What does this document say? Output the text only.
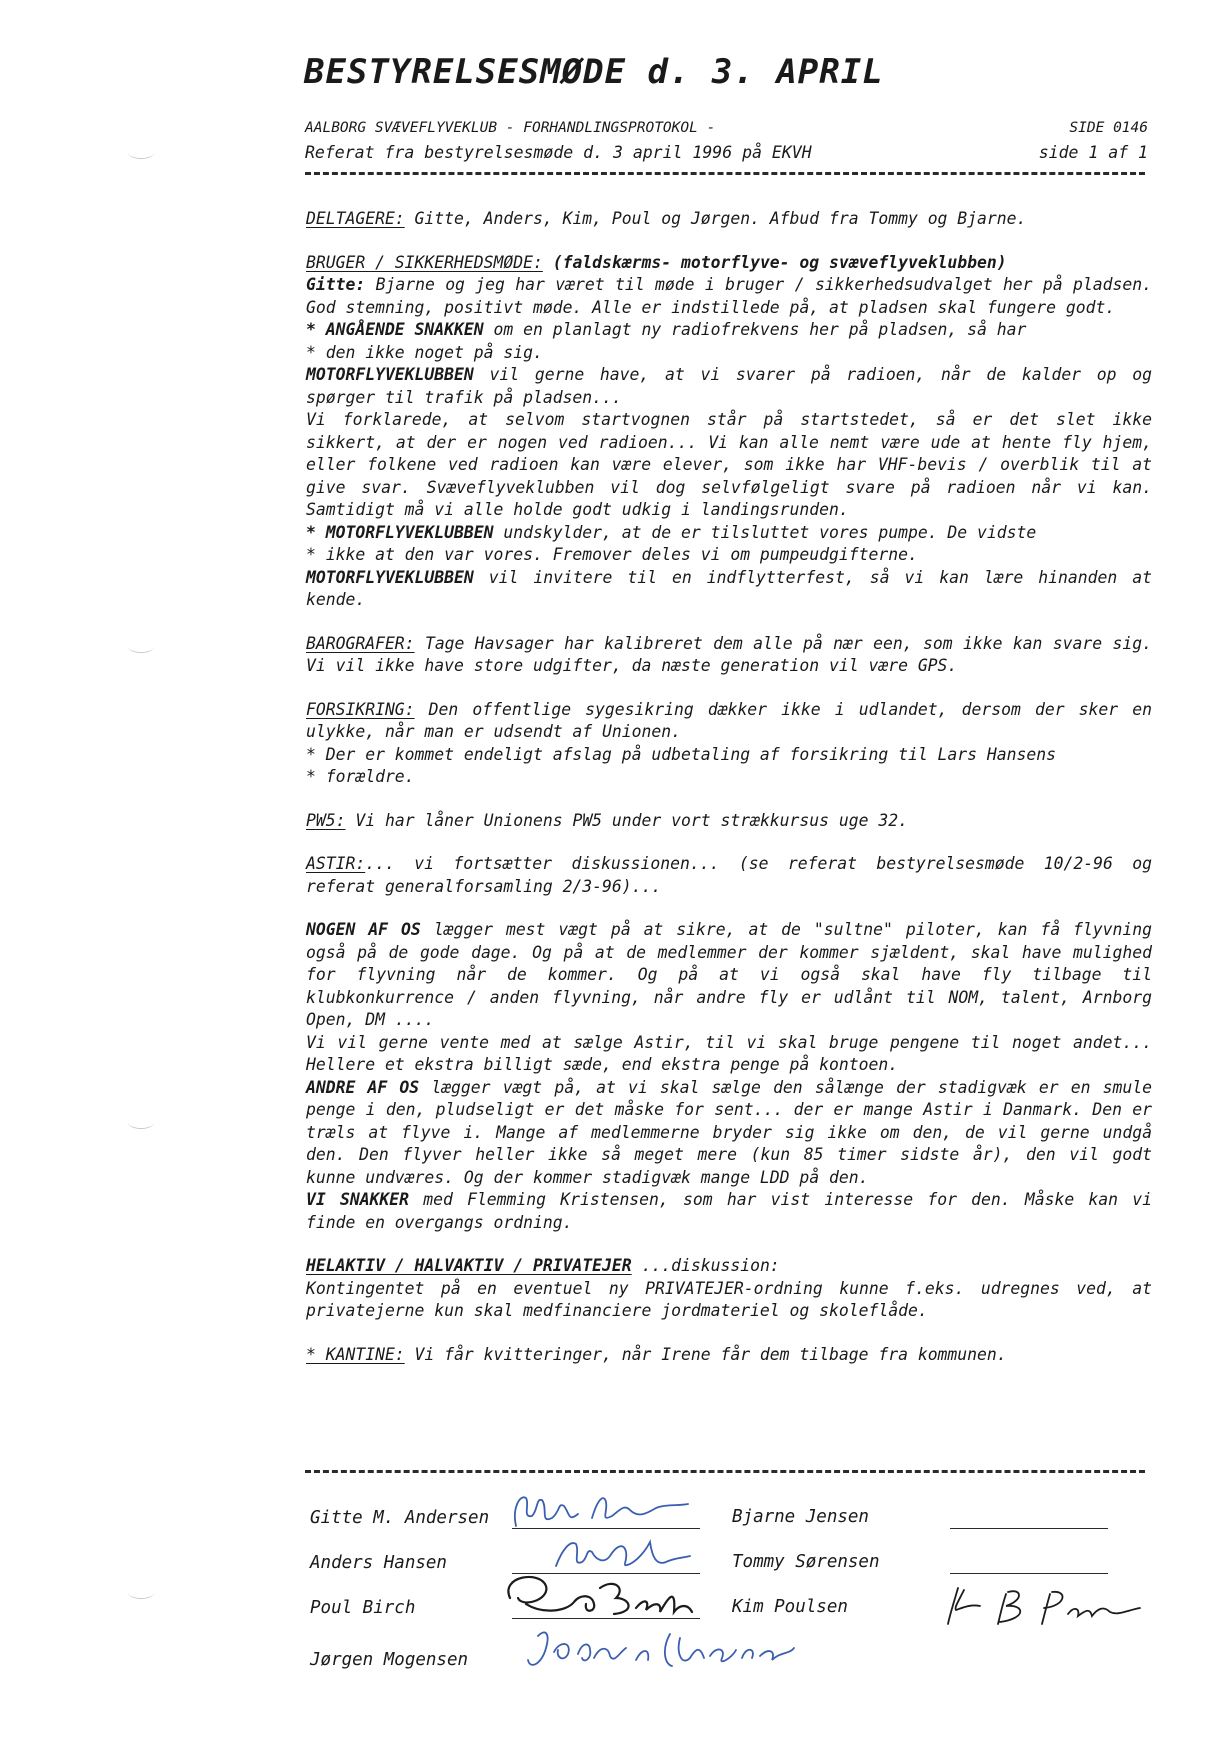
BESTYRELSESMØDE d. 3. APRIL
AALBORG SVÆVEFLYVEKLUB - FORHANDLINGSPROTOKOL -	SIDE 0146
Referat fra bestyrelsesmøde d. 3 april 1996 på EKVH	side 1 af 1

DELTAGERE: Gitte, Anders, Kim, Poul og Jørgen. Afbud fra Tommy og Bjarne.

BRUGER / SIKKERHEDSMØDE: (faldskærms- motorflyve- og svæveflyveklubben)

Gitte: Bjarne og jeg har været til møde i bruger / sikkerhedsudvalget her på pladsen. God stemning, positivt møde. Alle er indstillede på, at pladsen skal fungere godt.

* ANGÅENDE SNAKKEN om en planlagt ny radiofrekvens her på pladsen, så har

* den ikke noget på sig.

MOTORFLYVEKLUBBEN vil gerne have, at vi svarer på radioen, når de kalder op og spørger til trafik på pladsen...

Vi forklarede, at selvom startvognen står på startstedet, så er det slet ikke sikkert, at der er nogen ved radioen... Vi kan alle nemt være ude at hente fly hjem, eller folkene ved radioen kan være elever, som ikke har VHF-bevis / overblik til at give svar. Svæveflyveklubben vil dog selvfølgeligt svare på radioen når vi kan. Samtidigt må vi alle holde godt udkig i landingsrunden.

* MOTORFLYVEKLUBBEN undskylder, at de er tilsluttet vores pumpe. De vidste

* ikke at den var vores. Fremover deles vi om pumpeudgifterne.

MOTORFLYVEKLUBBEN vil invitere til en indflytterfest, så vi kan lære hinanden at kende.

BAROGRAFER: Tage Havsager har kalibreret dem alle på nær een, som ikke kan svare sig. Vi vil ikke have store udgifter, da næste generation vil være GPS.

FORSIKRING: Den offentlige sygesikring dækker ikke i udlandet, dersom der sker en ulykke, når man er udsendt af Unionen.

* Der er kommet endeligt afslag på udbetaling af forsikring til Lars Hansens

* forældre.

PW5: Vi har låner Unionens PW5 under vort strækkursus uge 32.

ASTIR:... vi fortsætter diskussionen... (se referat bestyrelsesmøde 10/2-96 og referat generalforsamling 2/3-96)...

NOGEN AF OS lægger mest vægt på at sikre, at de "sultne" piloter, kan få flyvning også på de gode dage. Og på at de medlemmer der kommer sjældent, skal have mulighed for flyvning når de kommer. Og på at vi også skal have fly tilbage til klubkonkurrence / anden flyvning, når andre fly er udlånt til NOM, talent, Arnborg Open, DM ....

Vi vil gerne vente med at sælge Astir, til vi skal bruge pengene til noget andet... Hellere et ekstra billigt sæde, end ekstra penge på kontoen.

ANDRE AF OS lægger vægt på, at vi skal sælge den sålænge der stadigvæk er en smule penge i den, pludseligt er det måske for sent... der er mange Astir i Danmark. Den er træls at flyve i. Mange af medlemmerne bryder sig ikke om den, de vil gerne undgå den. Den flyver heller ikke så meget mere (kun 85 timer sidste år), den vil godt kunne undværes. Og der kommer stadigvæk mange LDD på den.

VI SNAKKER med Flemming Kristensen, som har vist interesse for den. Måske kan vi finde en overgangs ordning.

HELAKTIV / HALVAKTIV / PRIVATEJER ...diskussion:

Kontingentet på en eventuel ny PRIVATEJER-ordning kunne f.eks. udregnes ved, at privatejerne kun skal medfinanciere jordmateriel og skoleflåde.

* KANTINE: Vi får kvitteringer, når Irene får dem tilbage fra kommunen.

Gitte M. Andersen
Anders Hansen
Poul Birch
Jørgen Mogensen
Bjarne Jensen
Tommy Sørensen
Kim Poulsen
